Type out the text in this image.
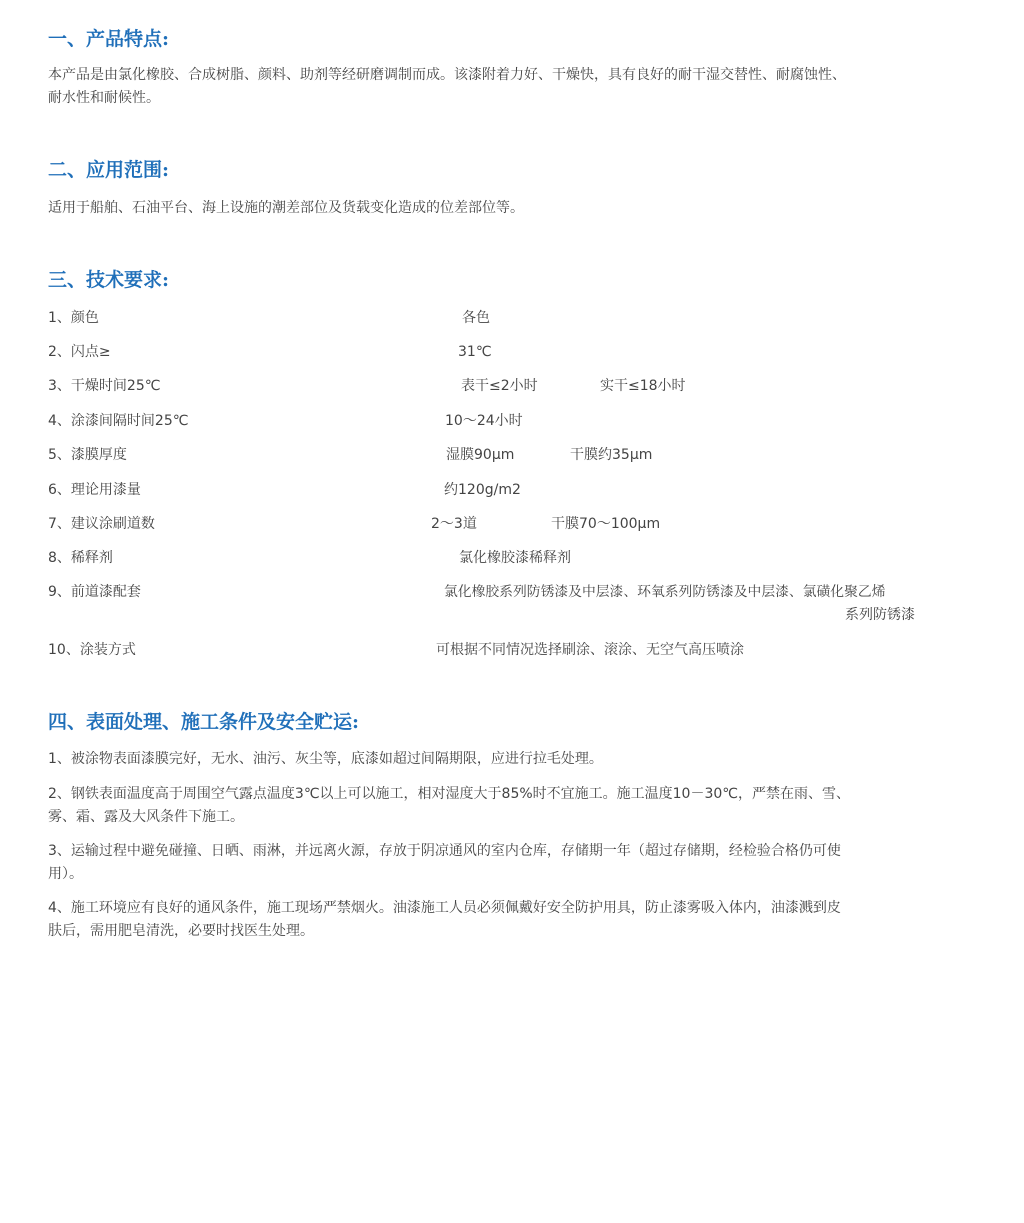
一、产品特点:
本产品是由氯化橡胶、合成树脂、颜料、助剂等经研磨调制而成。该漆附着力好、干燥快，具有良好的耐干湿交替性、耐腐蚀性、
耐水性和耐候性。
二、应用范围:
适用于船舶、石油平台、海上设施的潮差部位及货载变化造成的位差部位等。
三、技术要求:
1、颜色	各色
2、闪点≥	31℃
3、干燥时间25℃	表干≤2小时	实干≤18小时
4、涂漆间隔时间25℃	10～24小时
5、漆膜厚度	湿膜90μm	干膜约35μm
6、理论用漆量	约120g/m2
7、建议涂刷道数	2～3道	干膜70～100μm
8、稀释剂	氯化橡胶漆稀释剂
9、前道漆配套	氯化橡胶系列防锈漆及中层漆、环氧系列防锈漆及中层漆、氯磺化聚乙烯
系列防锈漆
10、涂装方式	可根据不同情况选择刷涂、滚涂、无空气高压喷涂
四、表面处理、施工条件及安全贮运:
1、被涂物表面漆膜完好，无水、油污、灰尘等，底漆如超过间隔期限，应进行拉毛处理。
2、钢铁表面温度高于周围空气露点温度3℃以上可以施工，相对湿度大于85%时不宜施工。施工温度10－30℃，严禁在雨、雪、
雾、霜、露及大风条件下施工。
3、运输过程中避免碰撞、日晒、雨淋，并远离火源，存放于阴凉通风的室内仓库，存储期一年（超过存储期，经检验合格仍可使
用）。
4、施工环境应有良好的通风条件，施工现场严禁烟火。油漆施工人员必须佩戴好安全防护用具，防止漆雾吸入体内，油漆溅到皮
肤后，需用肥皂清洗，必要时找医生处理。
